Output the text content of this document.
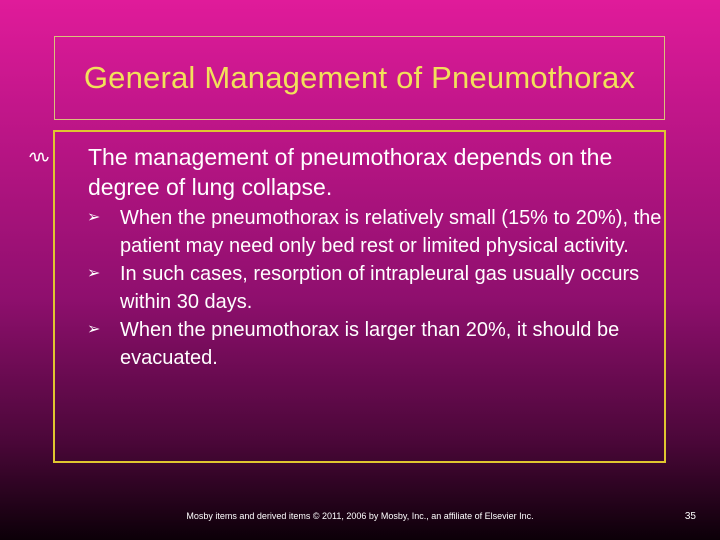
General Management of Pneumothorax
The management of pneumothorax depends on the degree of lung collapse.
➢ When the pneumothorax is relatively small (15% to 20%), the patient may need only bed rest or limited physical activity.
➢ In such cases, resorption of intrapleural gas usually occurs within 30 days.
➢ When the pneumothorax is larger than 20%, it should be evacuated.
Mosby items and derived items © 2011, 2006 by Mosby, Inc., an affiliate of Elsevier Inc.	35
